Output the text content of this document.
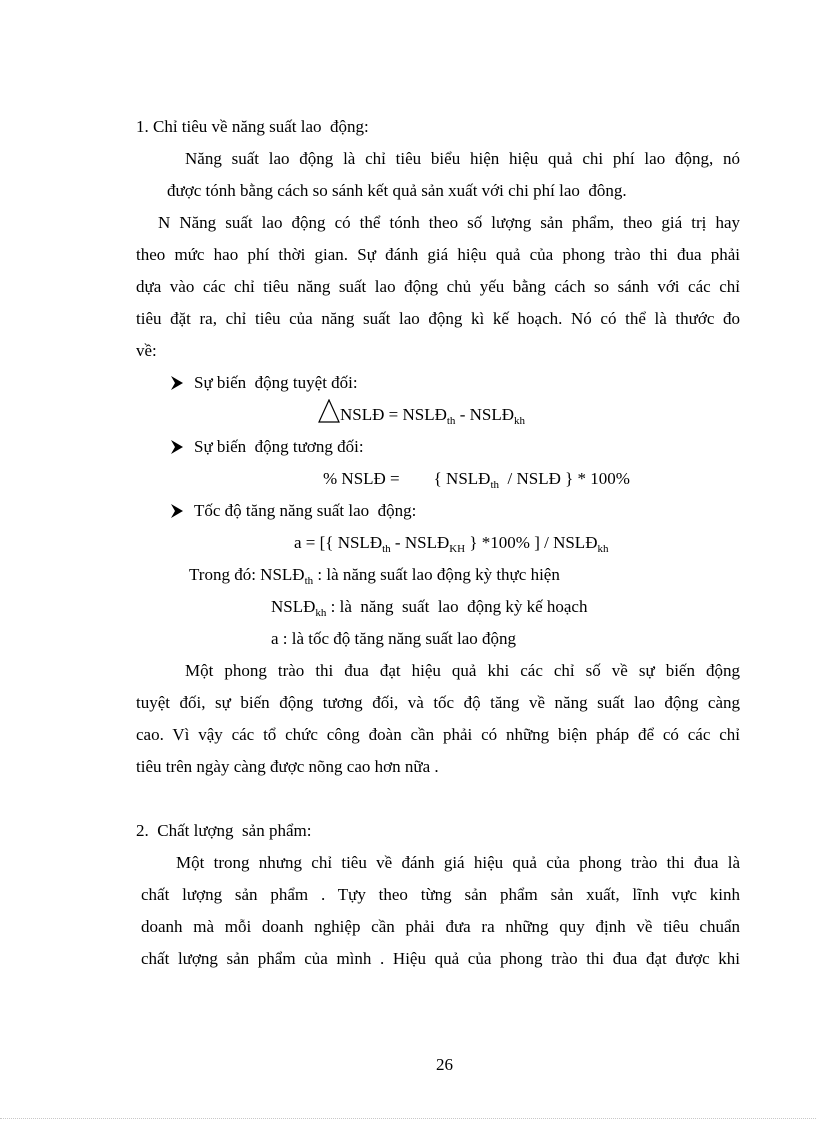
1. Chỉ tiêu về năng suất lao  động:
Năng suất lao động là chỉ tiêu biểu hiện hiệu quả chi phí lao động, nó
được tónh bằng cách so sánh kết quả sản xuất với chi phí lao  đông.
N Năng suất lao động có thể tónh theo số lượng sản phẩm, theo giá trị hay
theo mức hao phí thời gian. Sự đánh giá hiệu quả của phong trào thi đua phải
dựa vào các chỉ tiêu năng suất lao động chủ yếu bằng cách so sánh với các chỉ
tiêu đặt ra, chỉ tiêu của năng suất lao động kì kế hoạch. Nó có thể là thước đo
về:
Sự biến  động tuyệt đối:
NSLĐ = $NSLĐ_{th}$ - $NSLĐ_{kh}$
Sự biến  động tương đối:
% NSLĐ =        { $NSLĐ_{th}$  / NSLĐ } * 100%
Tốc độ tăng năng suất lao  động:
a = [{ $NSLĐ_{th}$ - $NSLĐ_{KH}$ } *100% ] / $NSLĐ_{kh}$
Trong đó: $NSLĐ_{th}$ : là năng suất lao động kỳ thực hiện
$NSLĐ_{kh}$ : là  năng  suất  lao  động kỳ kế hoạch
a : là tốc độ tăng năng suất lao động
Một phong trào thi đua đạt hiệu quả khi các chỉ số về sự biến động
tuyệt đối, sự biến động tương đối, và tốc độ tăng về năng suất lao động càng
cao. Vì vậy các tổ chức công đoàn cần phải có những biện pháp để có các chỉ
tiêu trên ngày càng được nõng cao hơn nữa .
2.  Chất lượng  sản phẩm:
Một trong nhưng chỉ tiêu về đánh giá hiệu quả của phong trào thi đua là
chất lượng sản phẩm . Tựy theo từng sản phẩm sản xuất, lĩnh vực kinh
doanh mà mỗi doanh nghiệp cần phải đưa ra những quy định về tiêu chuẩn
chất lượng sản phẩm của mình . Hiệu quả của phong trào thi đua đạt được khi
26
